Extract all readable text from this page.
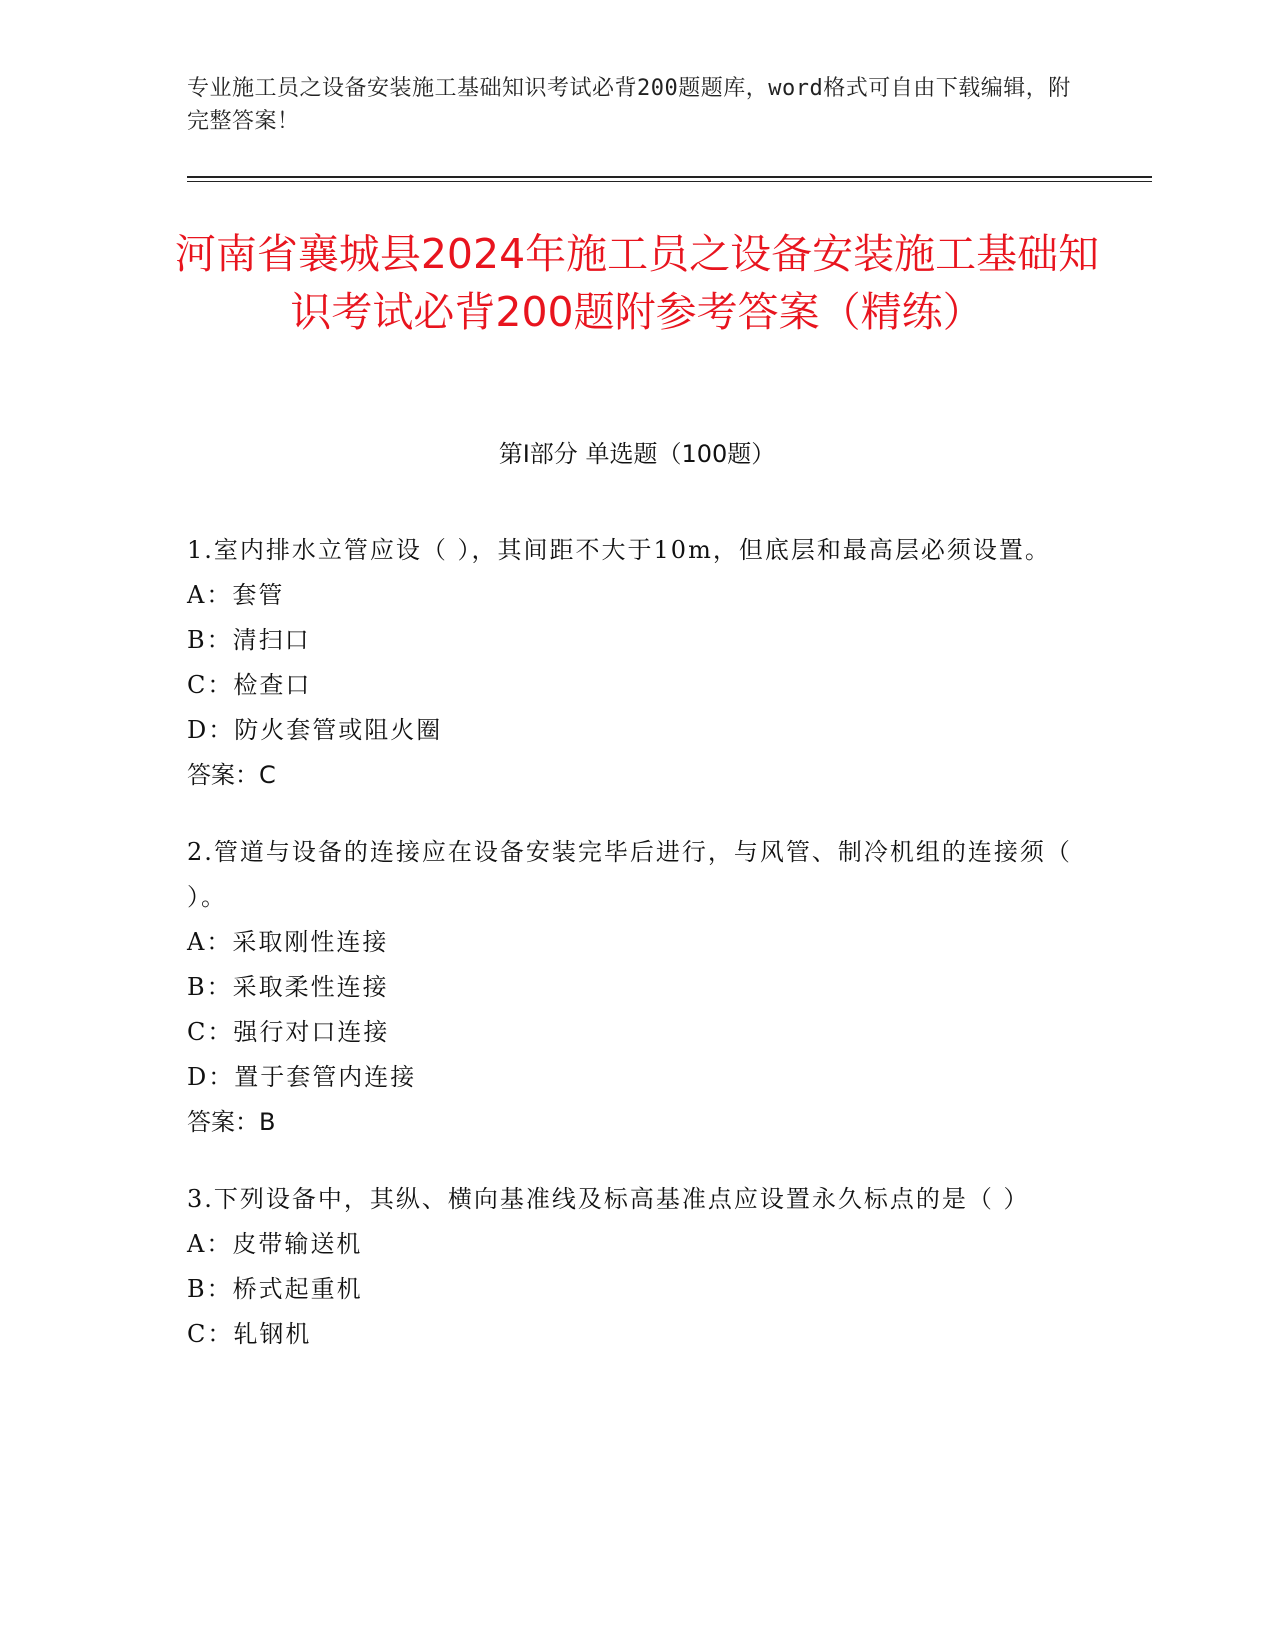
专业施工员之设备安装施工基础知识考试必背200题题库，word格式可自由下载编辑，附完整答案！
河南省襄城县2024年施工员之设备安装施工基础知识考试必背200题附参考答案（精练）
第Ⅰ部分 单选题（100题）
1.室内排水立管应设（ ），其间距不大于10m，但底层和最高层必须设置。
A：套管
B：清扫口
C：检查口
D：防火套管或阻火圈
答案：C
2.管道与设备的连接应在设备安装完毕后进行，与风管、制冷机组的连接须（ ）。
A：采取刚性连接
B：采取柔性连接
C：强行对口连接
D：置于套管内连接
答案：B
3.下列设备中，其纵、横向基准线及标高基准点应设置永久标点的是（ ）
A：皮带输送机
B：桥式起重机
C：轧钢机
